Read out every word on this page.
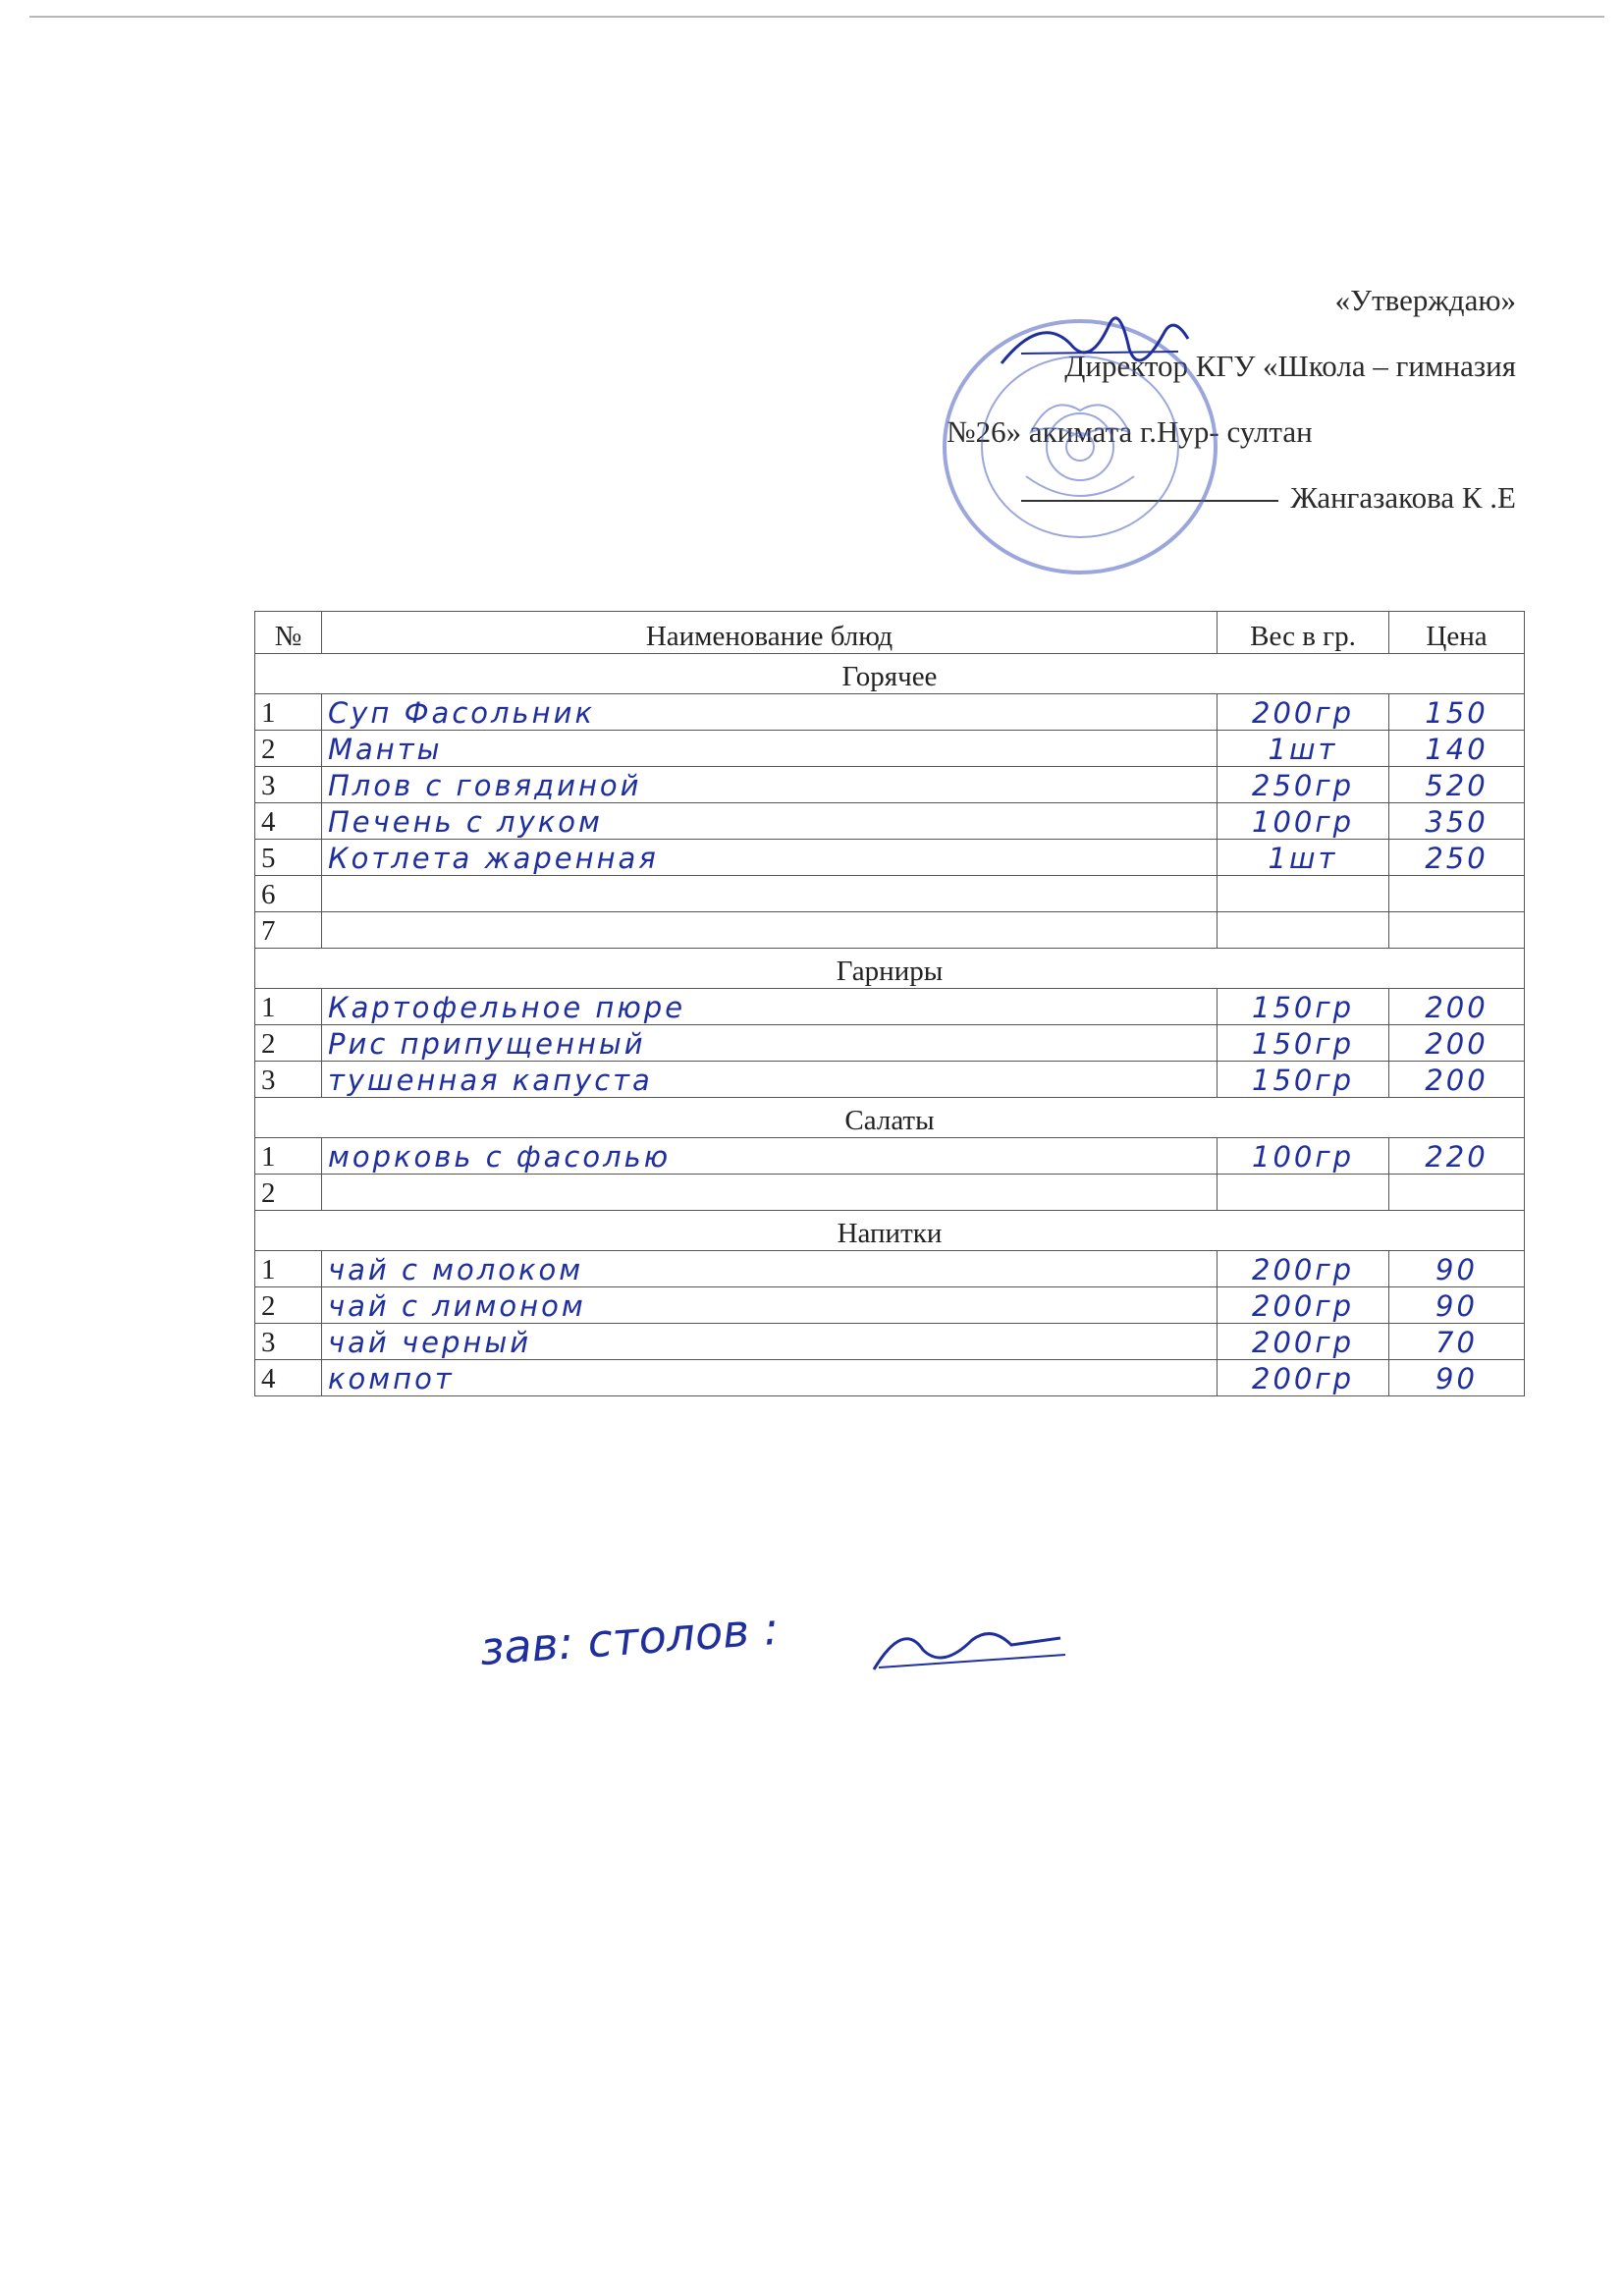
«Утверждаю»
Директор КГУ «Школа – гимназия
№26» акимата г.Нур- султан
Жангазакова К .Е
№	Наименование блюд	Вес в гр.	Цена
Горячее			
1	Суп Фасольник	200гр	150
2	Манты	1шт	140
3	Плов с говядиной	250гр	520
4	Печень с луком	100гр	350
5	Котлета жаренная	1шт	250
6			
7			
Гарниры			
1	Картофельное пюре	150гр	200
2	Рис припущенный	150гр	200
3	тушенная капуста	150гр	200
Салаты			
1	морковь с фасолью	100гр	220
2			
Напитки			
1	чай с молоком	200гр	90
2	чай с лимоном	200гр	90
3	чай черный	200гр	70
4	компот	200гр	90
зав: столов :
